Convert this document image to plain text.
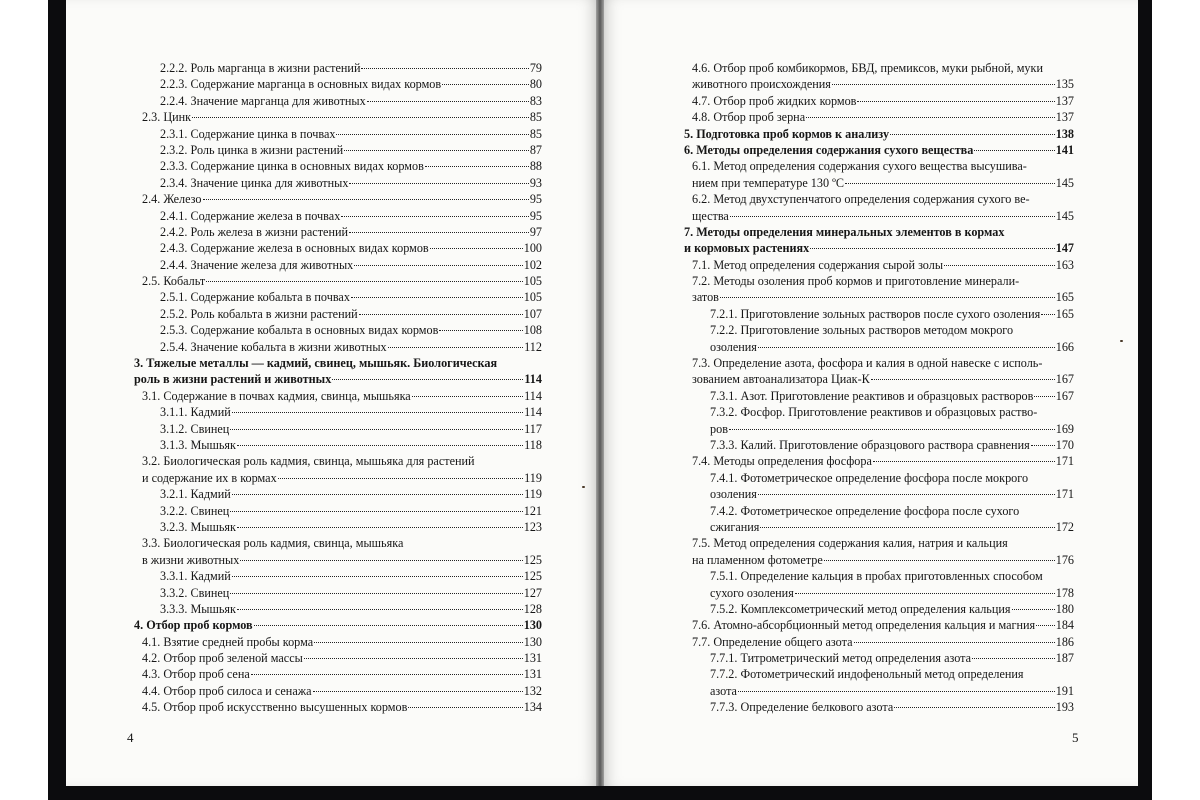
2.2.2. Роль марганца в жизни растений	79
2.2.3. Содержание марганца в основных видах кормов	80
2.2.4. Значение марганца для животных	83
2.3. Цинк	85
2.3.1. Содержание цинка в почвах	85
2.3.2. Роль цинка в жизни растений	87
2.3.3. Содержание цинка в основных видах кормов	88
2.3.4. Значение цинка для животных	93
2.4. Железо	95
2.4.1. Содержание железа в почвах	95
2.4.2. Роль железа в жизни растений	97
2.4.3. Содержание железа в основных видах кормов	100
2.4.4. Значение железа для животных	102
2.5. Кобальт	105
2.5.1. Содержание кобальта в почвах	105
2.5.2. Роль кобальта в жизни растений	107
2.5.3. Содержание кобальта в основных видах кормов	108
2.5.4. Значение кобальта в жизни животных	112
3. Тяжелые металлы — кадмий, свинец, мышьяк. Биологическая
роль в жизни растений и животных	114
3.1. Содержание в почвах кадмия, свинца, мышьяка	114
3.1.1. Кадмий	114
3.1.2. Свинец	117
3.1.3. Мышьяк	118
3.2. Биологическая роль кадмия, свинца, мышьяка для растений
и содержание их в кормах	119
3.2.1. Кадмий	119
3.2.2. Свинец	121
3.2.3. Мышьяк	123
3.3. Биологическая роль кадмия, свинца, мышьяка
в жизни животных	125
3.3.1. Кадмий	125
3.3.2. Свинец	127
3.3.3. Мышьяк	128
4. Отбор проб кормов	130
4.1. Взятие средней пробы корма	130
4.2. Отбор проб зеленой массы	131
4.3. Отбор проб сена	131
4.4. Отбор проб силоса и сенажа	132
4.5. Отбор проб искусственно высушенных кормов	134
4.6. Отбор проб комбикормов, БВД, премиксов, муки рыбной, муки
животного происхождения	135
4.7. Отбор проб жидких кормов	137
4.8. Отбор проб зерна	137
5. Подготовка проб кормов к анализу	138
6. Методы определения содержания сухого вещества	141
6.1. Метод определения содержания сухого вещества высушива-
нием при температуре 130 ºС	145
6.2. Метод двухступенчатого определения содержания сухого ве-
щества	145
7. Методы определения минеральных элементов в кормах
и кормовых растениях	147
7.1. Метод определения содержания сырой золы	163
7.2. Методы озоления проб кормов и приготовление минерали-
затов	165
7.2.1. Приготовление зольных растворов после сухого озоления 165
7.2.2. Приготовление зольных растворов методом мокрого
озоления	166
7.3. Определение азота, фосфора и калия в одной навеске с исполь-
зованием автоанализатора Циак-К	167
7.3.1. Азот. Приготовление реактивов и образцовых растворов 167
7.3.2. Фосфор. Приготовление реактивов и образцовых раство-
ров	169
7.3.3. Калий. Приготовление образцового раствора сравнения 170
7.4. Методы определения фосфора	171
7.4.1. Фотометрическое определение фосфора после мокрого
озоления	171
7.4.2. Фотометрическое определение фосфора после сухого
сжигания	172
7.5. Метод определения содержания калия, натрия и кальция
на пламенном фотометре	176
7.5.1. Определение кальция в пробах приготовленных способом
сухого озоления	178
7.5.2. Комплексометрический метод определения кальция	180
7.6. Атомно-абсорбционный метод определения кальция и магния 184
7.7. Определение общего азота	186
7.7.1. Титрометрический метод определения азота	187
7.7.2. Фотометрический индофенольный метод определения
азота	191
7.7.3. Определение белкового азота	193
4	5
